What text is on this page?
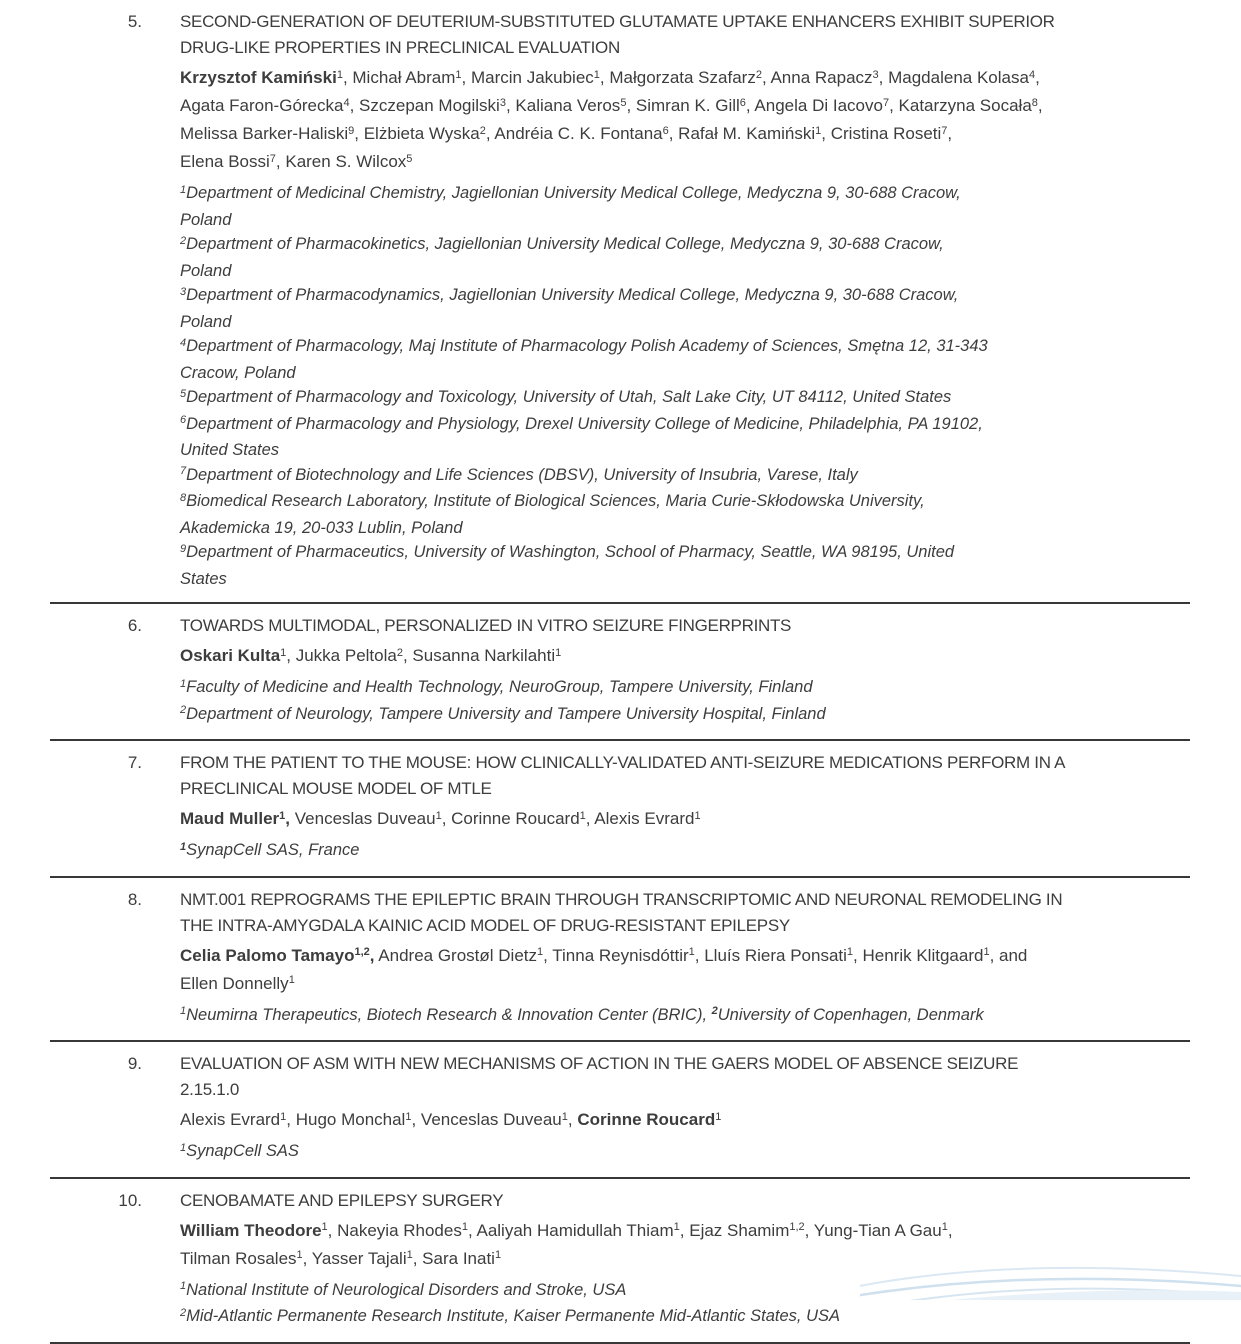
5. SECOND-GENERATION OF DEUTERIUM-SUBSTITUTED GLUTAMATE UPTAKE ENHANCERS EXHIBIT SUPERIOR
DRUG-LIKE PROPERTIES IN PRECLINICAL EVALUATION
Krzysztof Kamiński$^1$, Michał Abram$^1$, Marcin Jakubiec$^1$, Małgorzata Szafarz$^2$, Anna Rapacz$^3$, Magdalena Kolasa$^4$,
Agata Faron-Górecka$^4$, Szczepan Mogilski$^3$, Kaliana Veros$^5$, Simran K. Gill$^6$, Angela Di Iacovo$^7$, Katarzyna Socała$^8$,
Melissa Barker-Haliski$^9$, Elżbieta Wyska$^2$, Andréia C. K. Fontana$^6$, Rafał M. Kamiński$^1$, Cristina Roseti$^7$,
Elena Bossi$^7$, Karen S. Wilcox$^5$
$^1$Department of Medicinal Chemistry, Jagiellonian University Medical College, Medyczna 9, 30-688 Cracow,
Poland
$^2$Department of Pharmacokinetics, Jagiellonian University Medical College, Medyczna 9, 30-688 Cracow,
Poland
$^3$Department of Pharmacodynamics, Jagiellonian University Medical College, Medyczna 9, 30-688 Cracow,
Poland
$^4$Department of Pharmacology, Maj Institute of Pharmacology Polish Academy of Sciences, Smętna 12, 31-343
Cracow, Poland
$^5$Department of Pharmacology and Toxicology, University of Utah, Salt Lake City, UT 84112, United States
$^6$Department of Pharmacology and Physiology, Drexel University College of Medicine, Philadelphia, PA 19102,
United States
$^7$Department of Biotechnology and Life Sciences (DBSV), University of Insubria, Varese, Italy
$^8$Biomedical Research Laboratory, Institute of Biological Sciences, Maria Curie-Skłodowska University,
Akademicka 19, 20-033 Lublin, Poland
$^9$Department of Pharmaceutics, University of Washington, School of Pharmacy, Seattle, WA 98195, United
States
6. TOWARDS MULTIMODAL, PERSONALIZED IN VITRO SEIZURE FINGERPRINTS
Oskari Kulta$^1$, Jukka Peltola$^2$, Susanna Narkilahti$^1$
$^1$Faculty of Medicine and Health Technology, NeuroGroup, Tampere University, Finland
$^2$Department of Neurology, Tampere University and Tampere University Hospital, Finland
7. FROM THE PATIENT TO THE MOUSE: HOW CLINICALLY-VALIDATED ANTI-SEIZURE MEDICATIONS PERFORM IN A
PRECLINICAL MOUSE MODEL OF MTLE
Maud Muller$^1$, Venceslas Duveau$^1$, Corinne Roucard$^1$, Alexis Evrard$^1$
$^1$SynapCell SAS, France
8. NMT.001 REPROGRAMS THE EPILEPTIC BRAIN THROUGH TRANSCRIPTOMIC AND NEURONAL REMODELING IN
THE INTRA-AMYGDALA KAINIC ACID MODEL OF DRUG-RESISTANT EPILEPSY
Celia Palomo Tamayo$^{1,2}$, Andrea Grostøl Dietz$^1$, Tinna Reynisdóttir$^1$, Lluís Riera Ponsati$^1$, Henrik Klitgaard$^1$, and
Ellen Donnelly$^1$
$^1$Neumirna Therapeutics, Biotech Research & Innovation Center (BRIC), $^2$University of Copenhagen, Denmark
9. EVALUATION OF ASM WITH NEW MECHANISMS OF ACTION IN THE GAERS MODEL OF ABSENCE SEIZURE
2.15.1.0
Alexis Evrard$^1$, Hugo Monchal$^1$, Venceslas Duveau$^1$, Corinne Roucard$^1$
$^1$SynapCell SAS
10. CENOBAMATE AND EPILEPSY SURGERY
William Theodore$^1$, Nakeyia Rhodes$^1$, Aaliyah Hamidullah Thiam$^1$, Ejaz Shamim$^{1,2}$, Yung-Tian A Gau$^1$,
Tilman Rosales$^1$, Yasser Tajali$^1$, Sara Inati$^1$
$^1$National Institute of Neurological Disorders and Stroke, USA
$^2$Mid-Atlantic Permanente Research Institute, Kaiser Permanente Mid-Atlantic States, USA
